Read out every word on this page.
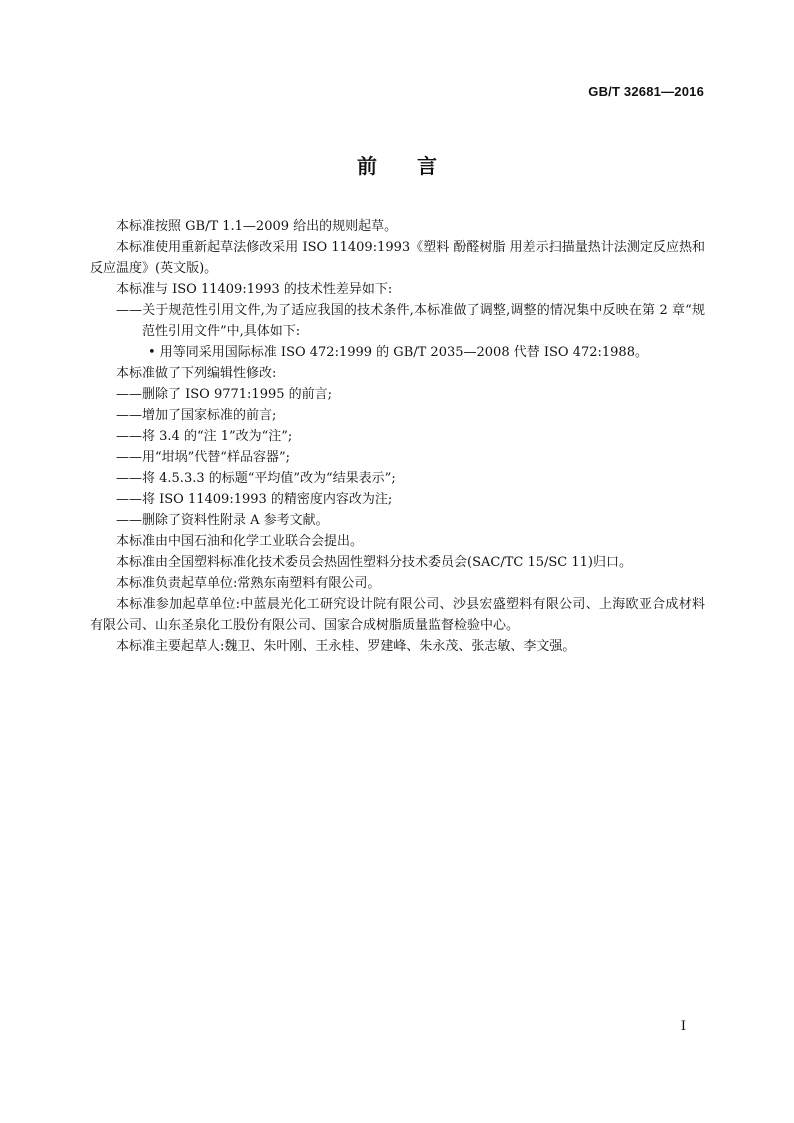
GB/T 32681—2016
前言

本标准按照 GB/T 1.1—2009 给出的规则起草。

本标准使用重新起草法修改采用 ISO 11409:1993《塑料 酚醛树脂 用差示扫描量热计法测定反应热和反应温度》(英文版)。

本标准与 ISO 11409:1993 的技术性差异如下:

——关于规范性引用文件,为了适应我国的技术条件,本标准做了调整,调整的情况集中反映在第 2 章“规范性引用文件”中,具体如下:

• 用等同采用国际标准 ISO 472:1999 的 GB/T 2035—2008 代替 ISO 472:1988。

本标准做了下列编辑性修改:

——删除了 ISO 9771:1995 的前言;

——增加了国家标准的前言;

——将 3.4 的“注 1”改为“注”;

——用“坩埚”代替“样品容器”;

——将 4.5.3.3 的标题“平均值”改为“结果表示”;

——将 ISO 11409:1993 的精密度内容改为注;

——删除了资料性附录 A 参考文献。

本标准由中国石油和化学工业联合会提出。

本标准由全国塑料标准化技术委员会热固性塑料分技术委员会(SAC/TC 15/SC 11)归口。

本标准负责起草单位:常熟东南塑料有限公司。

本标准参加起草单位:中蓝晨光化工研究设计院有限公司、沙县宏盛塑料有限公司、上海欧亚合成材料有限公司、山东圣泉化工股份有限公司、国家合成树脂质量监督检验中心。

本标准主要起草人:魏卫、朱叶刚、王永桂、罗建峰、朱永茂、张志敏、李文强。

I
